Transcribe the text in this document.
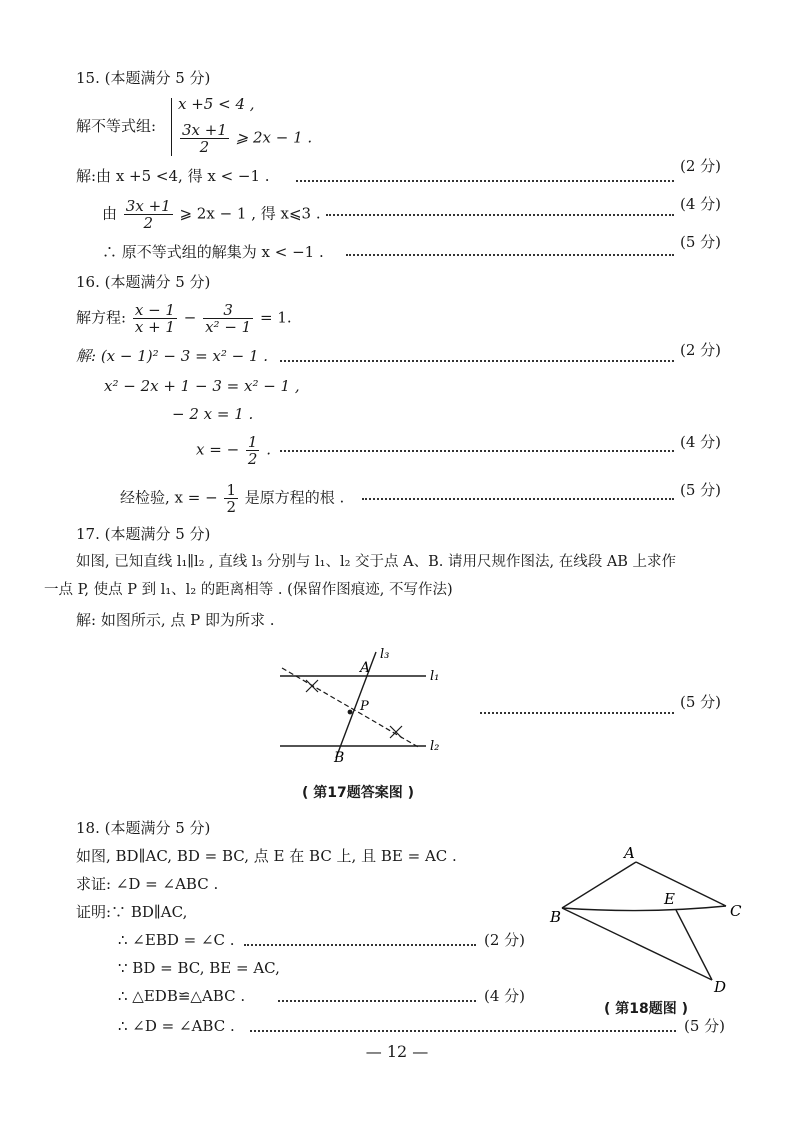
15. (本题满分 5 分)
解不等式组:
x +5 < 4 ,
$\frac{3x +1}{2}$ ⩾ 2x − 1 .
解:由 x +5 <4, 得 x < −1 .
(2 分)
由 $\frac{3x +1}{2}$ ⩾ 2x − 1 , 得 x⩽3 .
(4 分)
∴ 原不等式组的解集为 x < −1 .
(5 分)
16. (本题满分 5 分)
解方程: $\frac{x - 1}{x + 1} - \frac{3}{\text{x² − 1}} = 1$.
解: (x − 1)² − 3 = x² − 1 .	(2 分)
x² − 2x + 1 − 3 = x² − 1 ,
− 2 x = 1 .
x = − $\frac{1}{2}$ .	(4 分)
经检验, x = − $\frac{1}{2}$ 是原方程的根 .	(5 分)
17. (本题满分 5 分)
如图, 已知直线 l₁∥l₂ , 直线 l₃ 分别与 l₁、l₂ 交于点 A、B. 请用尺规作图法, 在线段 AB 上求作
一点 P, 使点 P 到 l₁、l₂ 的距离相等 . (保留作图痕迹, 不写作法)
解: 如图所示, 点 P 即为所求 .
l₃
A
l₁
P
B
l₂
(5 分)
( 第17题答案图 )
18. (本题满分 5 分)
如图, BD∥AC, BD = BC, 点 E 在 BC 上, 且 BE = AC .
求证: ∠D = ∠ABC .
证明:∵ BD∥AC,
∴ ∠EBD = ∠C .	(2 分)
∵ BD = BC, BE = AC,
∴ △EDB≌△ABC .	(4 分)
∴ ∠D = ∠ABC .	(5 分)
A
E
B	C
D
( 第18题图 )
— 12 —
